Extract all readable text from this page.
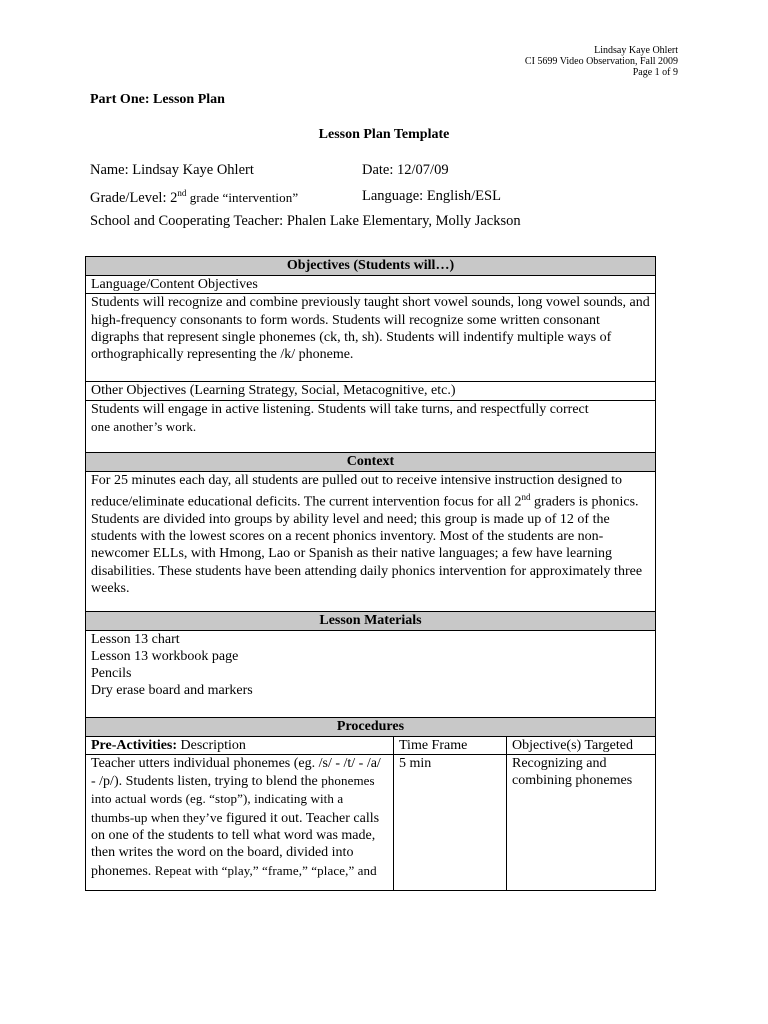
Lindsay Kaye Ohlert
CI 5699 Video Observation, Fall 2009
Page 1 of 9
Part One: Lesson Plan
Lesson Plan Template
Name: Lindsay Kaye Ohlert	Date: 12/07/09
Grade/Level: 2nd grade “intervention”	Language: English/ESL
School and Cooperating Teacher: Phalen Lake Elementary, Molly Jackson
Objectives (Students will…)		
Language/Content Objectives		
Students will recognize and combine previously taught short vowel sounds, long vowel sounds, and high-frequency consonants to form words. Students will recognize some written consonant digraphs that represent single phonemes (ck, th, sh). Students will indentify multiple ways of orthographically representing the /k/ phoneme.		
Other Objectives (Learning Strategy, Social, Metacognitive, etc.)		

Students will engage in active listening. Students will take turns, and respectfully correct
one another’s work.		

Context		
For 25 minutes each day, all students are pulled out to receive intensive instruction designed to reduce/eliminate educational deficits. The current intervention focus for all 2nd graders is phonics. Students are divided into groups by ability level and need; this group is made up of 12 of the students with the lowest scores on a recent phonics inventory. Most of the students are non-newcomer ELLs, with Hmong, Lao or Spanish as their native languages; a few have learning disabilities. These students have been attending daily phonics intervention for approximately three weeks.		
Lesson Materials		

Lesson 13 chart
Lesson 13 workbook page
Pencils
Dry erase board and markers		

Procedures		
Pre-Activities: Description	Time Frame	Objective(s) Targeted
Teacher utters individual phonemes (eg. /s/ - /t/ - /a/ - /p/). Students listen, trying to blend the phonemes into actual words (eg. “stop”), indicating with a thumbs-up when they’ve figured it out. Teacher calls on one of the students to tell what word was made, then writes the word on the board, divided into phonemes. Repeat with “play,” “frame,” “place,” and	5 min	Recognizing and combining phonemes
